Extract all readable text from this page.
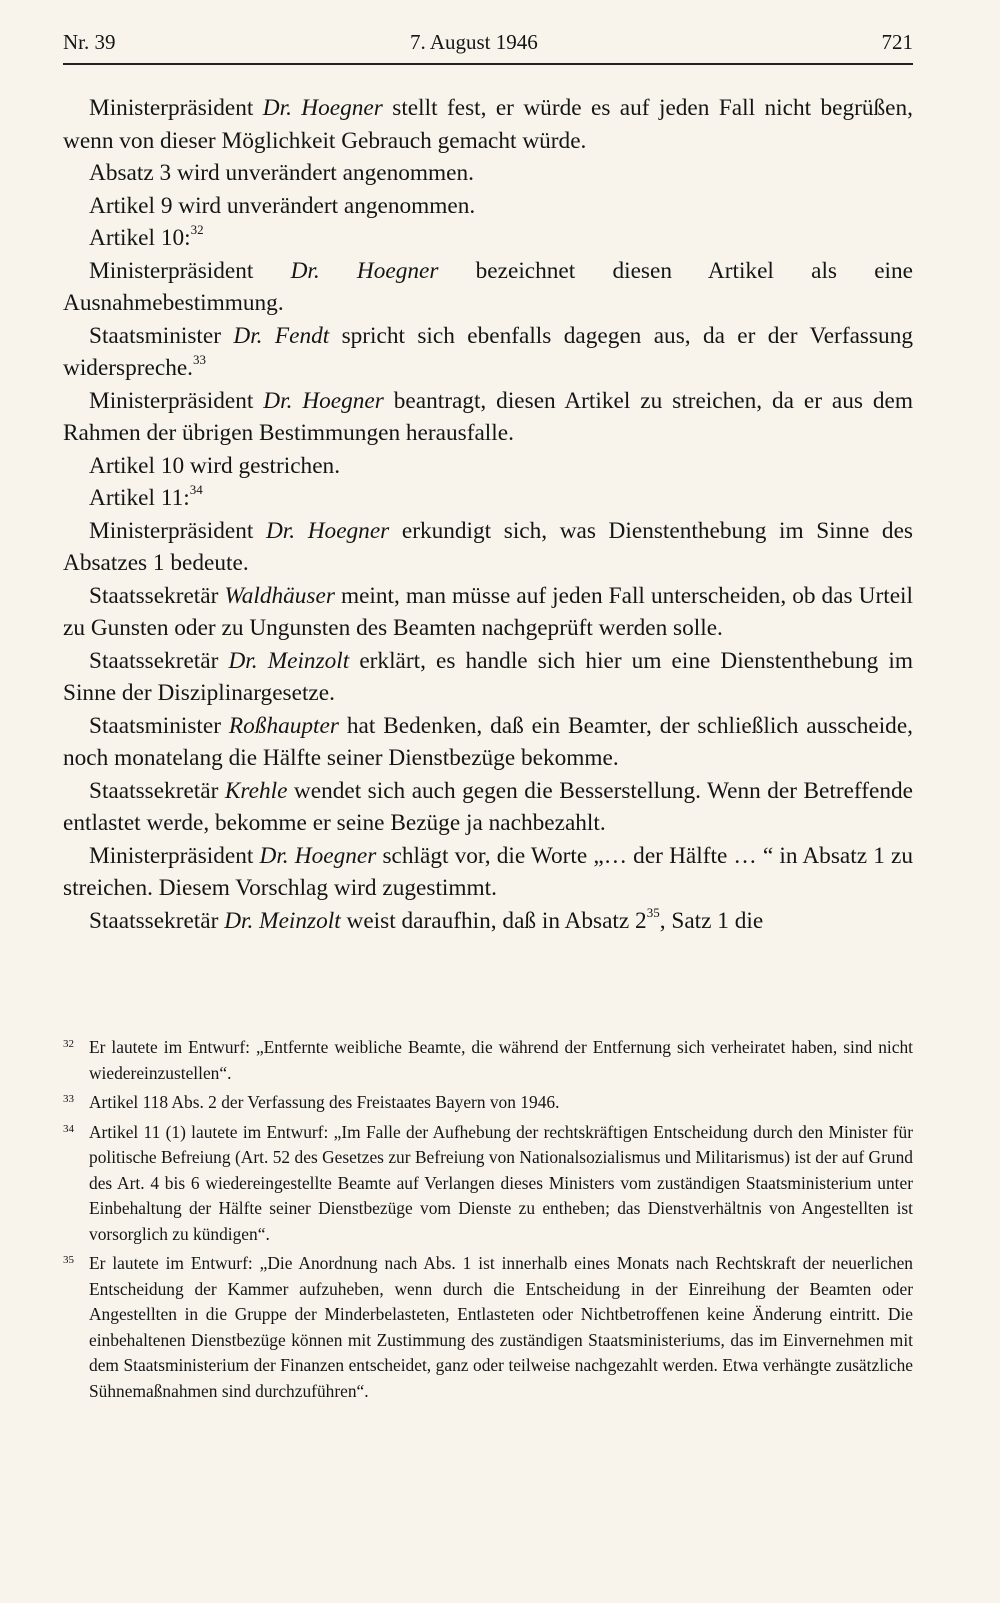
Nr. 39	7. August 1946	721

Ministerpräsident Dr. Hoegner stellt fest, er würde es auf jeden Fall nicht begrüßen, wenn von dieser Möglichkeit Gebrauch gemacht würde.

Absatz 3 wird unverändert angenommen.

Artikel 9 wird unverändert angenommen.

Artikel 10:$^{32}$

Ministerpräsident Dr. Hoegner bezeichnet diesen Artikel als eine Ausnahmebestimmung.

Staatsminister Dr. Fendt spricht sich ebenfalls dagegen aus, da er der Verfassung widerspreche.$^{33}$

Ministerpräsident Dr. Hoegner beantragt, diesen Artikel zu streichen, da er aus dem Rahmen der übrigen Bestimmungen herausfalle.

Artikel 10 wird gestrichen.

Artikel 11:$^{34}$

Ministerpräsident Dr. Hoegner erkundigt sich, was Dienstenthebung im Sinne des Absatzes 1 bedeute.

Staatssekretär Waldhäuser meint, man müsse auf jeden Fall unterscheiden, ob das Urteil zu Gunsten oder zu Ungunsten des Beamten nachgeprüft werden solle.

Staatssekretär Dr. Meinzolt erklärt, es handle sich hier um eine Dienstenthebung im Sinne der Disziplinargesetze.

Staatsminister Roßhaupter hat Bedenken, daß ein Beamter, der schließlich ausscheide, noch monatelang die Hälfte seiner Dienstbezüge bekomme.

Staatssekretär Krehle wendet sich auch gegen die Besserstellung. Wenn der Betreffende entlastet werde, bekomme er seine Bezüge ja nachbezahlt.

Ministerpräsident Dr. Hoegner schlägt vor, die Worte „… der Hälfte … “ in Absatz 1 zu streichen. Diesem Vorschlag wird zugestimmt.

Staatssekretär Dr. Meinzolt weist daraufhin, daß in Absatz $2^{35}$, Satz 1 die

32 Er lautete im Entwurf: „Entfernte weibliche Beamte, die während der Entfernung sich verheiratet haben, sind nicht wiedereinzustellen“.

33 Artikel 118 Abs. 2 der Verfassung des Freistaates Bayern von 1946.

34 Artikel 11 (1) lautete im Entwurf: „Im Falle der Aufhebung der rechtskräftigen Entscheidung durch den Minister für politische Befreiung (Art. 52 des Gesetzes zur Befreiung von Nationalsozialismus und Militarismus) ist der auf Grund des Art. 4 bis 6 wiedereingestellte Beamte auf Verlangen dieses Ministers vom zuständigen Staatsministerium unter Einbehaltung der Hälfte seiner Dienstbezüge vom Dienste zu entheben; das Dienstverhältnis von Angestellten ist vorsorglich zu kündigen“.

35 Er lautete im Entwurf: „Die Anordnung nach Abs. 1 ist innerhalb eines Monats nach Rechtskraft der neuerlichen Entscheidung der Kammer aufzuheben, wenn durch die Entscheidung in der Einreihung der Beamten oder Angestellten in die Gruppe der Minderbelasteten, Entlasteten oder Nichtbetroffenen keine Änderung eintritt. Die einbehaltenen Dienstbezüge können mit Zustimmung des zuständigen Staatsministeriums, das im Einvernehmen mit dem Staatsministerium der Finanzen entscheidet, ganz oder teilweise nachgezahlt werden. Etwa verhängte zusätzliche Sühnemaßnahmen sind durchzuführen“.
